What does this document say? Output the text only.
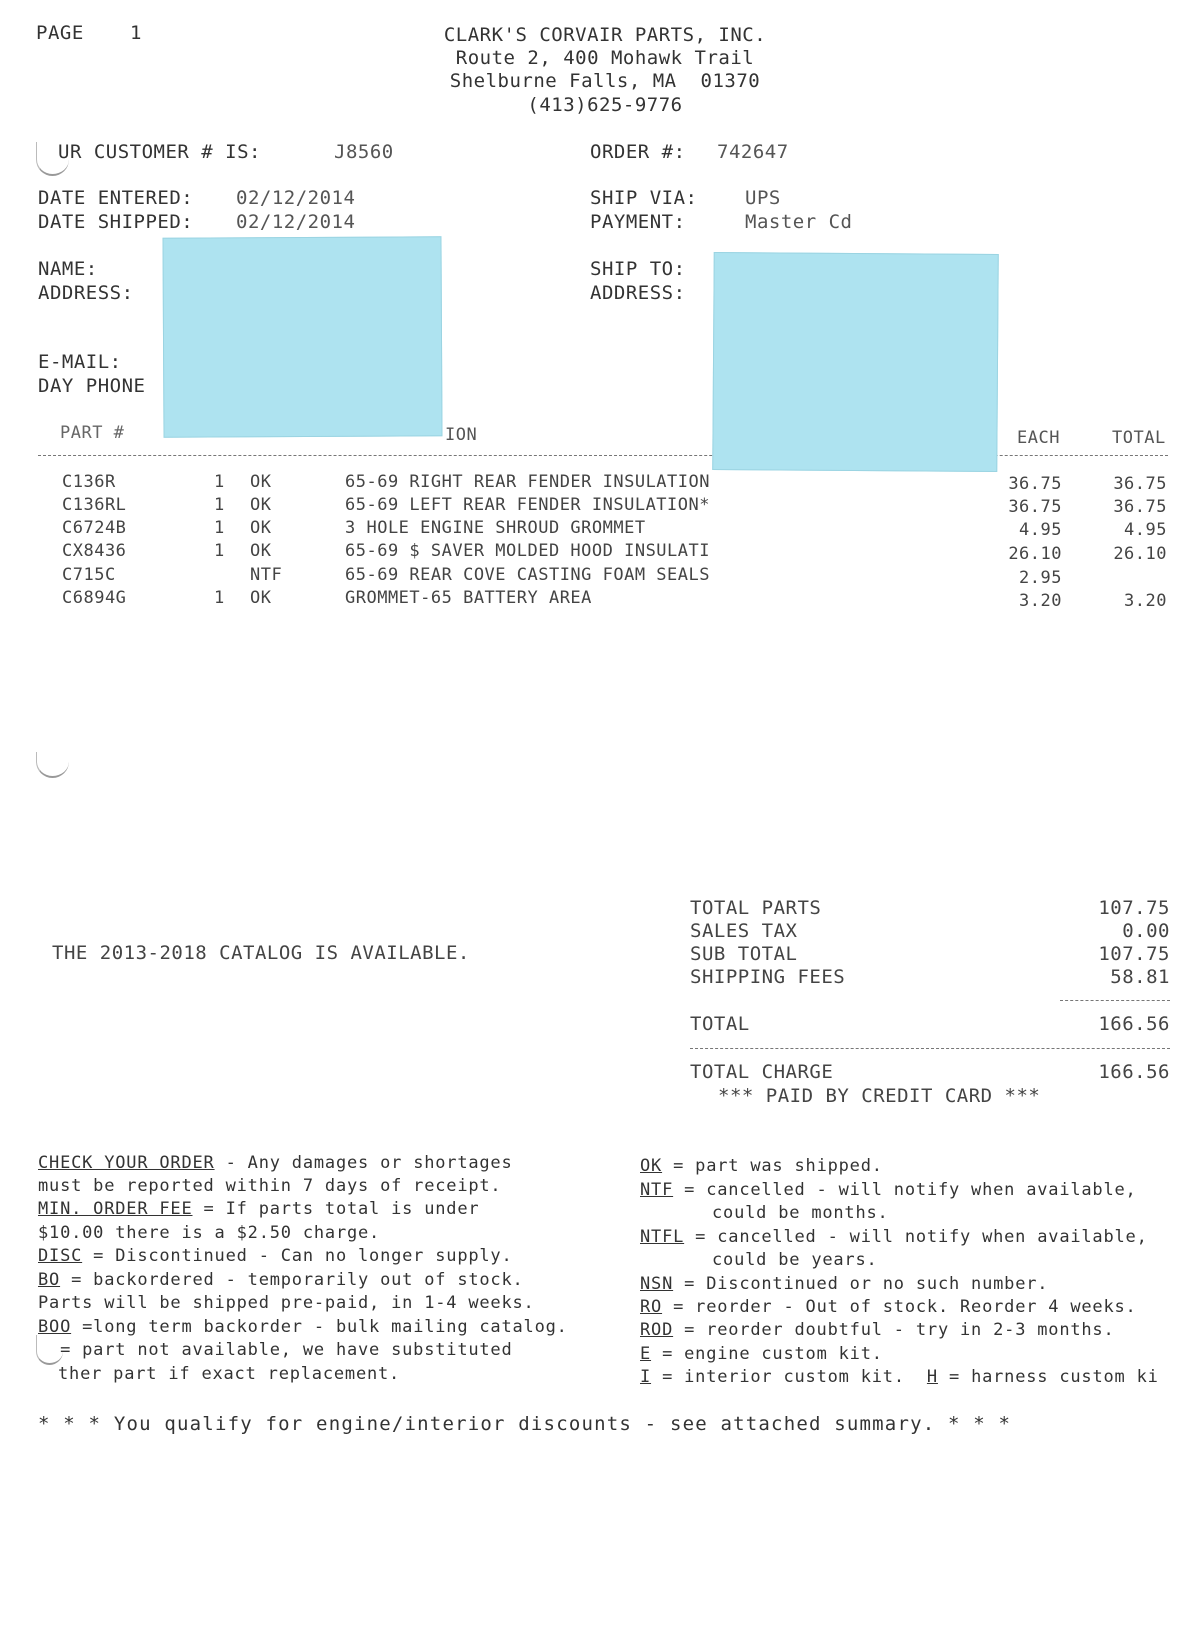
PAGE 1	CLARK'S CORVAIR PARTS, INC.
Route 2, 400 Mohawk Trail
Shelburne Falls, MA  01370
(413)625-9776
UR CUSTOMER # IS:	J8560	ORDER #: 742647
DATE ENTERED: 02/12/2014
DATE SHIPPED: 02/12/2014
SHIP VIA:	UPS
PAYMENT:	Master Cd
NAME:
ADDRESS:
SHIP TO:
ADDRESS:
E-MAIL:
DAY PHONE
PART #	ION	EACH	TOTAL
C136R	1 OK	65-69 RIGHT REAR FENDER INSULATION	36.75	36.75
C136RL	1 OK	65-69 LEFT REAR FENDER INSULATION*	36.75	36.75
C6724B	1 OK	3 HOLE ENGINE SHROUD GROMMET	4.95	4.95
CX8436	1 OK	65-69 $ SAVER MOLDED HOOD INSULATI	26.10	26.10
C715C	NTF	65-69 REAR COVE CASTING FOAM SEALS	2.95
C6894G	1 OK	GROMMET-65 BATTERY AREA	3.20	3.20
THE 2013-2018 CATALOG IS AVAILABLE.
TOTAL PARTS	107.75
SALES TAX	0.00
SUB TOTAL	107.75
SHIPPING FEES	58.81
TOTAL	166.56
TOTAL CHARGE	166.56
*** PAID BY CREDIT CARD ***
CHECK YOUR ORDER - Any damages or shortages
must be reported within 7 days of receipt.
MIN. ORDER FEE = If parts total is under
$10.00 there is a $2.50 charge.
DISC = Discontinued - Can no longer supply.
BO = backordered - temporarily out of stock.
Parts will be shipped pre-paid, in 1-4 weeks.
BOO =long term backorder - bulk mailing catalog.
= part not available, we have substituted
ther part if exact replacement.
OK = part was shipped.
NTF = cancelled - will notify when available,
could be months.
NTFL = cancelled - will notify when available,
could be years.
NSN = Discontinued or no such number.
RO = reorder - Out of stock. Reorder 4 weeks.
ROD = reorder doubtful - try in 2-3 months.
E = engine custom kit.
I = interior custom kit.  H = harness custom ki
* * * You qualify for engine/interior discounts - see attached summary. * * *
